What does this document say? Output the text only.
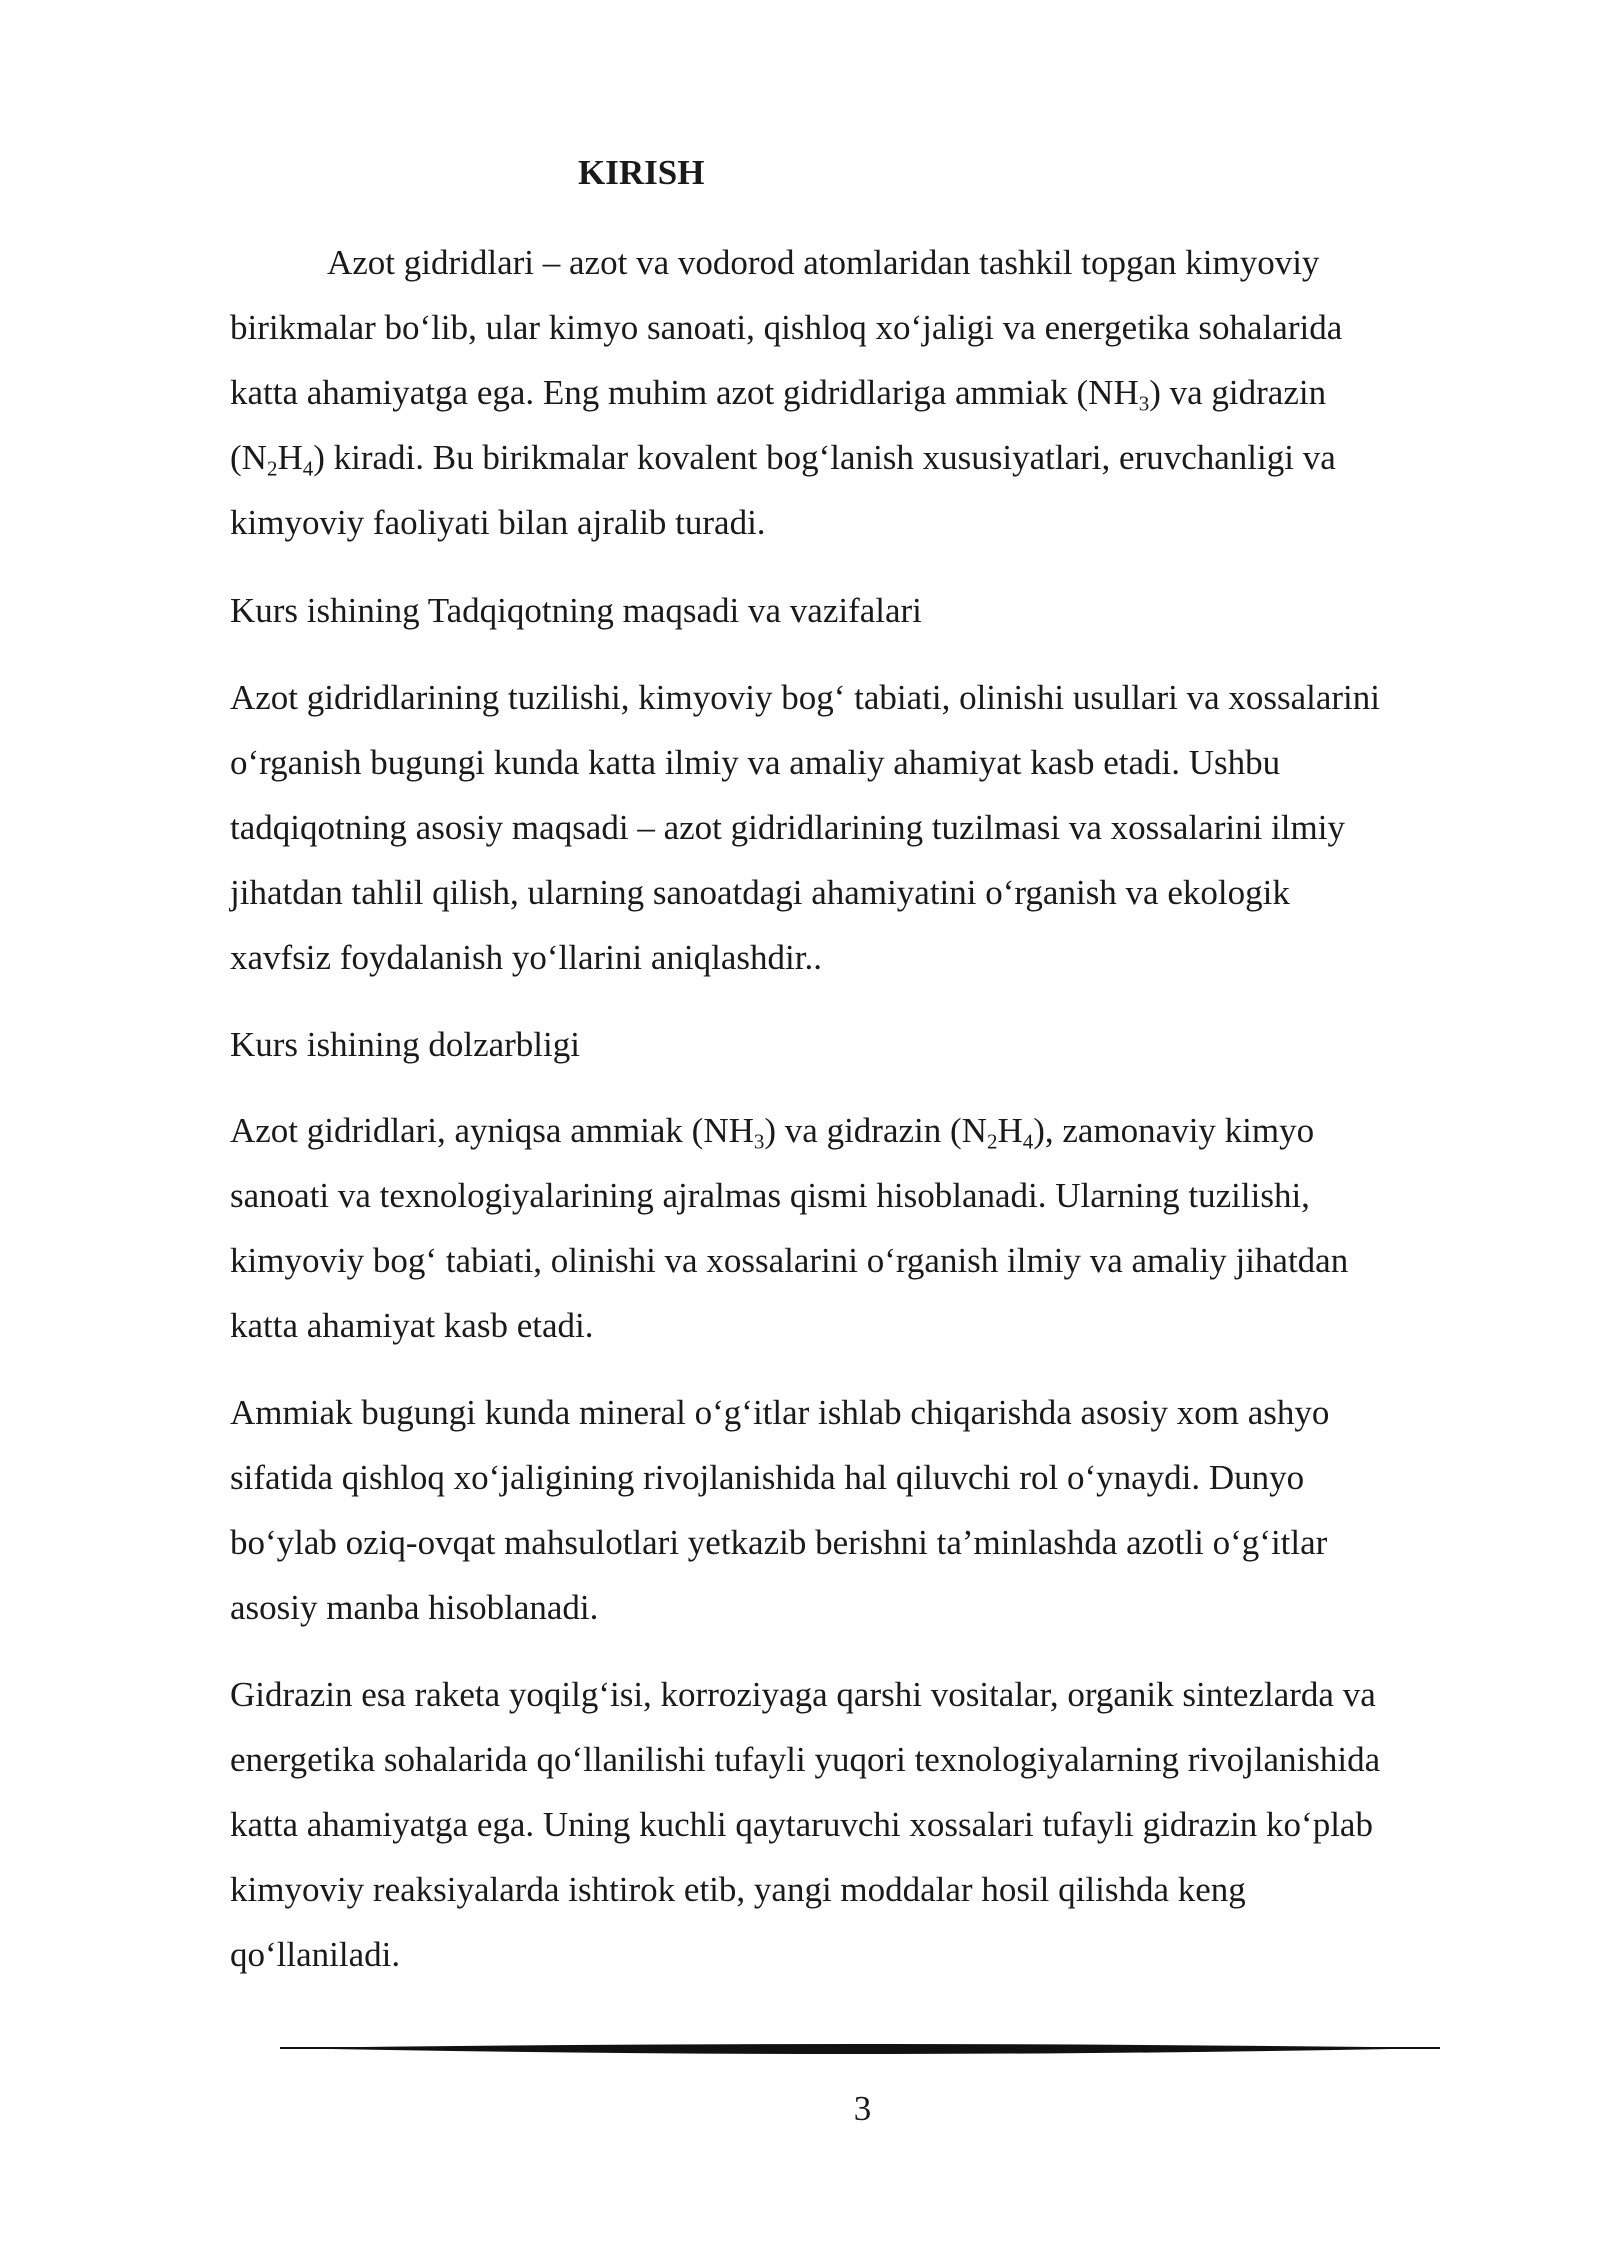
KIRISH

Azot gidridlari – azot va vodorod atomlaridan tashkil topgan kimyoviy
birikmalar bo‘lib, ular kimyo sanoati, qishloq xo‘jaligi va energetika sohalarida
katta ahamiyatga ega. Eng muhim azot gidridlariga ammiak $(NH_3)$ va gidrazin
$(N_2H_4)$ kiradi. Bu birikmalar kovalent bog‘lanish xususiyatlari, eruvchanligi va
kimyoviy faoliyati bilan ajralib turadi.

Kurs ishining Tadqiqotning maqsadi va vazifalari

Azot gidridlarining tuzilishi, kimyoviy bog‘ tabiati, olinishi usullari va xossalarini
o‘rganish bugungi kunda katta ilmiy va amaliy ahamiyat kasb etadi. Ushbu
tadqiqotning asosiy maqsadi – azot gidridlarining tuzilmasi va xossalarini ilmiy
jihatdan tahlil qilish, ularning sanoatdagi ahamiyatini o‘rganish va ekologik
xavfsiz foydalanish yo‘llarini aniqlashdir..

Kurs ishining dolzarbligi

Azot gidridlari, ayniqsa ammiak $(NH_3)$ va gidrazin $(N_2H_4)$, zamonaviy kimyo
sanoati va texnologiyalarining ajralmas qismi hisoblanadi. Ularning tuzilishi,
kimyoviy bog‘ tabiati, olinishi va xossalarini o‘rganish ilmiy va amaliy jihatdan
katta ahamiyat kasb etadi.

Ammiak bugungi kunda mineral o‘g‘itlar ishlab chiqarishda asosiy xom ashyo
sifatida qishloq xo‘jaligining rivojlanishida hal qiluvchi rol o‘ynaydi. Dunyo
bo‘ylab oziq-ovqat mahsulotlari yetkazib berishni ta’minlashda azotli o‘g‘itlar
asosiy manba hisoblanadi.

Gidrazin esa raketa yoqilg‘isi, korroziyaga qarshi vositalar, organik sintezlarda va
energetika sohalarida qo‘llanilishi tufayli yuqori texnologiyalarning rivojlanishida
katta ahamiyatga ega. Uning kuchli qaytaruvchi xossalari tufayli gidrazin ko‘plab
kimyoviy reaksiyalarda ishtirok etib, yangi moddalar hosil qilishda keng
qo‘llaniladi.

3
